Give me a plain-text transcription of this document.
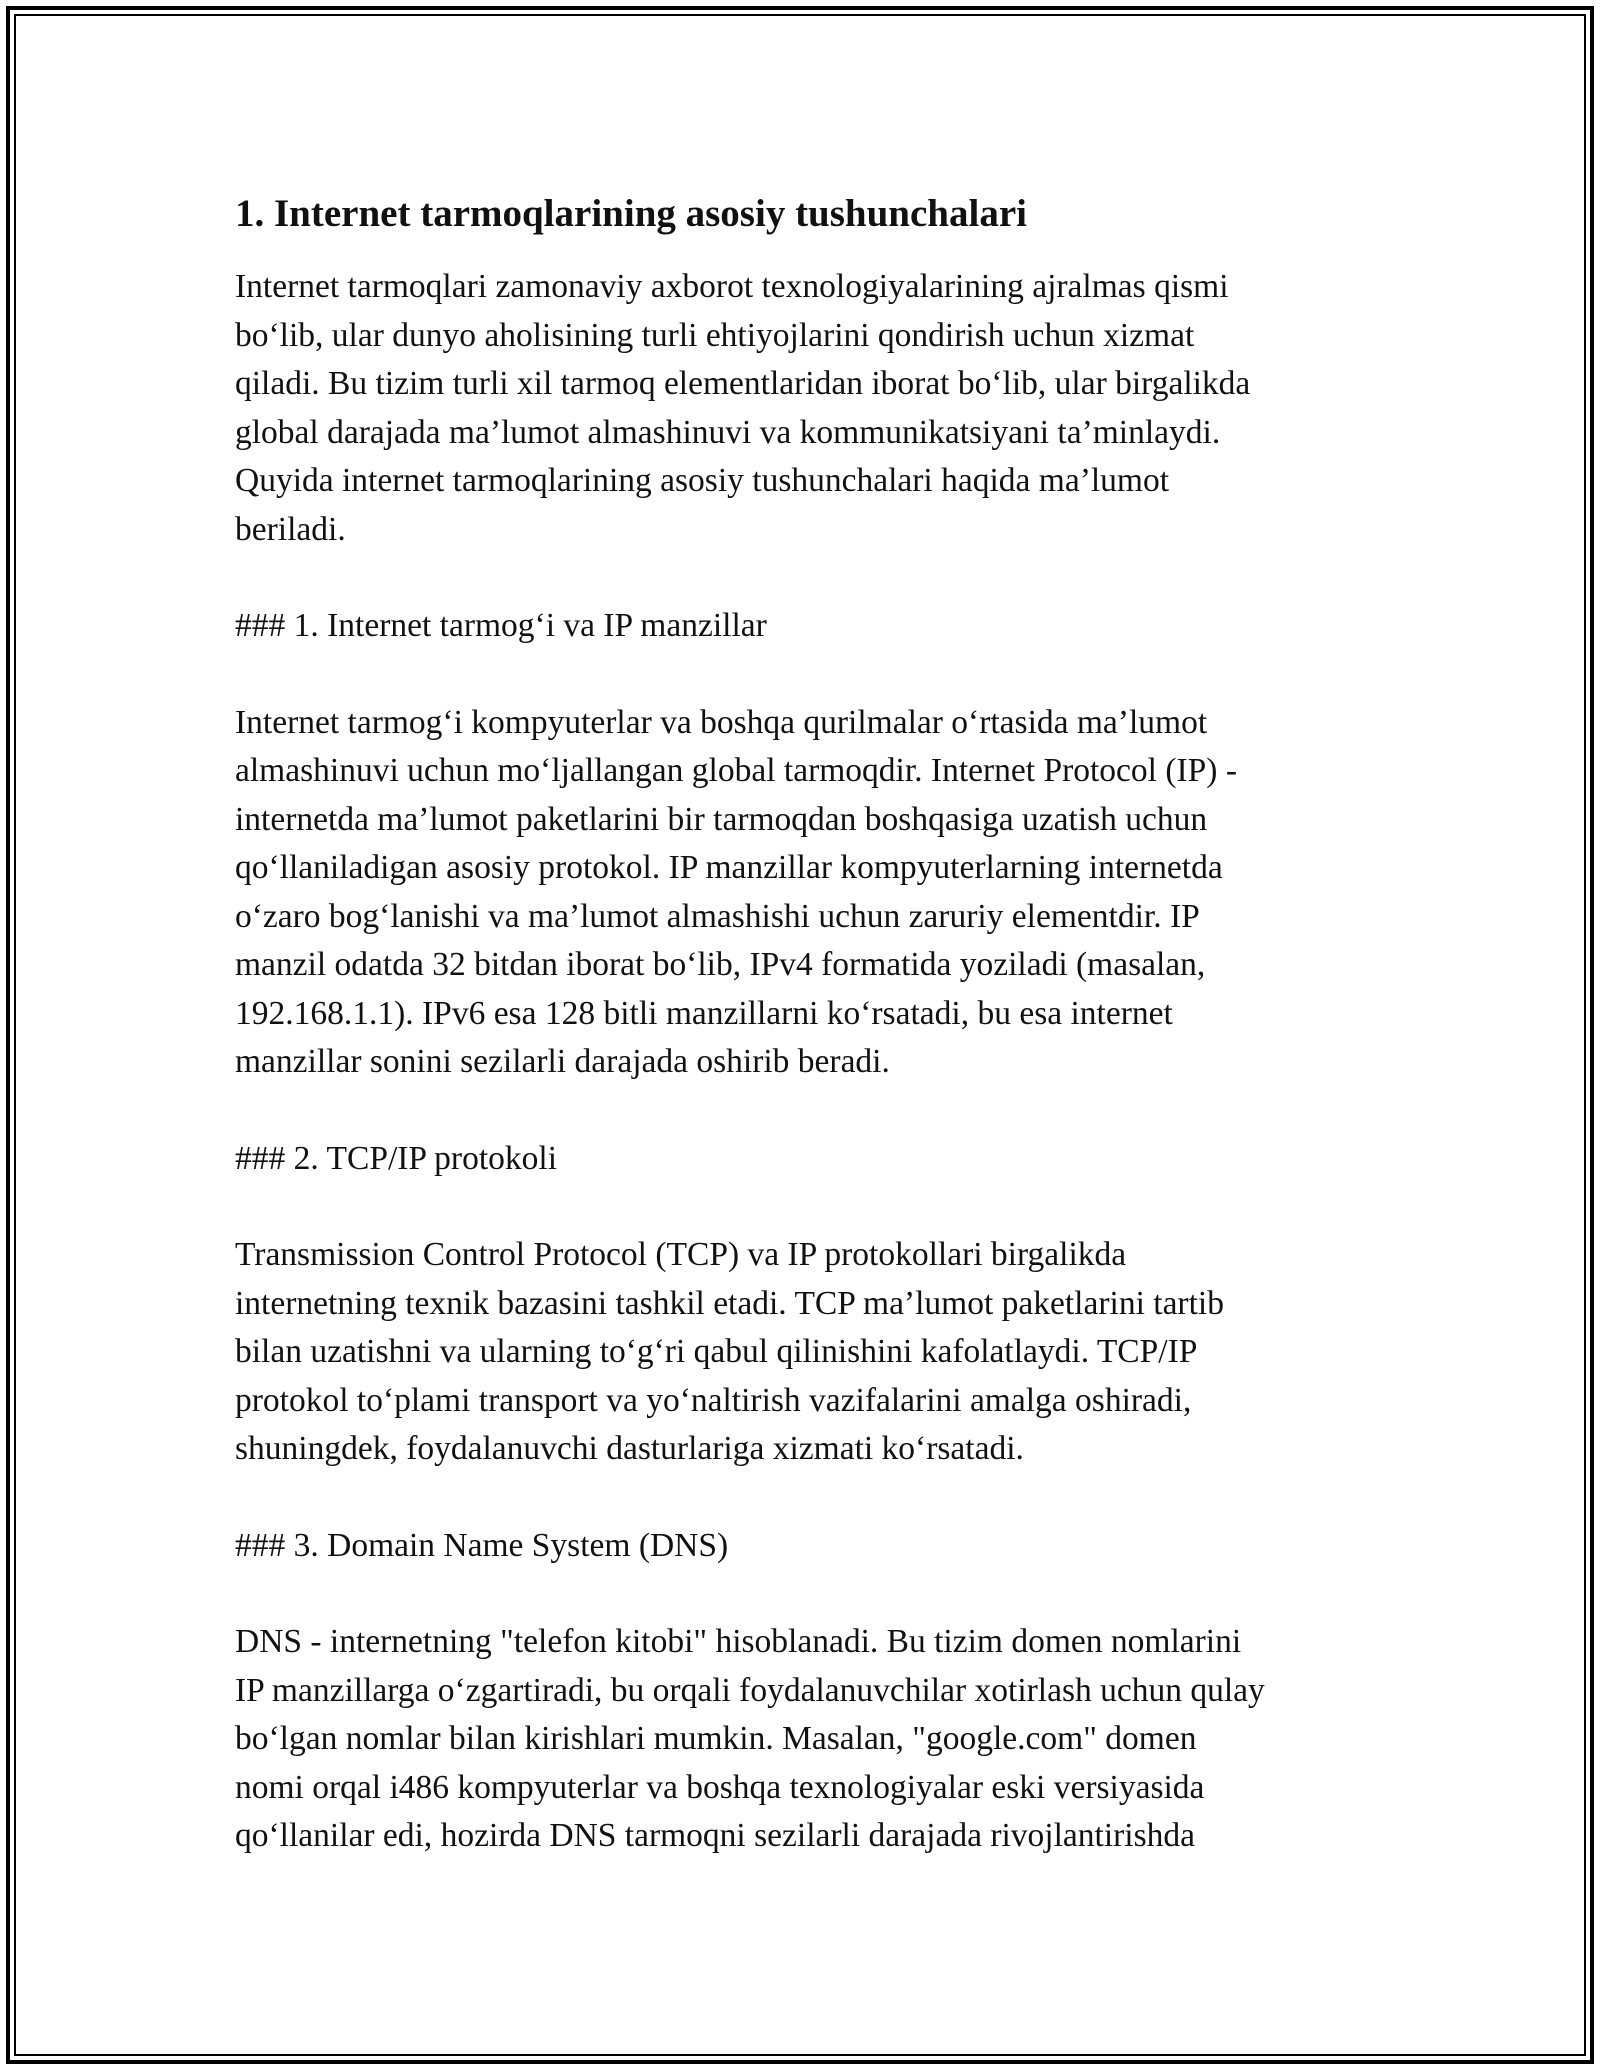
1. Internet tarmoqlarining asosiy tushunchalari

Internet tarmoqlari zamonaviy axborot texnologiyalarining ajralmas qismi
bo‘lib, ular dunyo aholisining turli ehtiyojlarini qondirish uchun xizmat
qiladi. Bu tizim turli xil tarmoq elementlaridan iborat bo‘lib, ular birgalikda
global darajada ma’lumot almashinuvi va kommunikatsiyani ta’minlaydi.
Quyida internet tarmoqlarining asosiy tushunchalari haqida ma’lumot
beriladi.

### 1. Internet tarmog‘i va IP manzillar

Internet tarmog‘i kompyuterlar va boshqa qurilmalar o‘rtasida ma’lumot
almashinuvi uchun mo‘ljallangan global tarmoqdir. Internet Protocol (IP) -
internetda ma’lumot paketlarini bir tarmoqdan boshqasiga uzatish uchun
qo‘llaniladigan asosiy protokol. IP manzillar kompyuterlarning internetda
o‘zaro bog‘lanishi va ma’lumot almashishi uchun zaruriy elementdir. IP
manzil odatda 32 bitdan iborat bo‘lib, IPv4 formatida yoziladi (masalan,
192.168.1.1). IPv6 esa 128 bitli manzillarni ko‘rsatadi, bu esa internet
manzillar sonini sezilarli darajada oshirib beradi.

### 2. TCP/IP protokoli

Transmission Control Protocol (TCP) va IP protokollari birgalikda
internetning texnik bazasini tashkil etadi. TCP ma’lumot paketlarini tartib
bilan uzatishni va ularning to‘g‘ri qabul qilinishini kafolatlaydi. TCP/IP
protokol to‘plami transport va yo‘naltirish vazifalarini amalga oshiradi,
shuningdek, foydalanuvchi dasturlariga xizmati ko‘rsatadi.

### 3. Domain Name System (DNS)

DNS - internetning "telefon kitobi" hisoblanadi. Bu tizim domen nomlarini
IP manzillarga o‘zgartiradi, bu orqali foydalanuvchilar xotirlash uchun qulay
bo‘lgan nomlar bilan kirishlari mumkin. Masalan, "google.com" domen
nomi orqal i486 kompyuterlar va boshqa texnologiyalar eski versiyasida
qo‘llanilar edi, hozirda DNS tarmoqni sezilarli darajada rivojlantirishda
